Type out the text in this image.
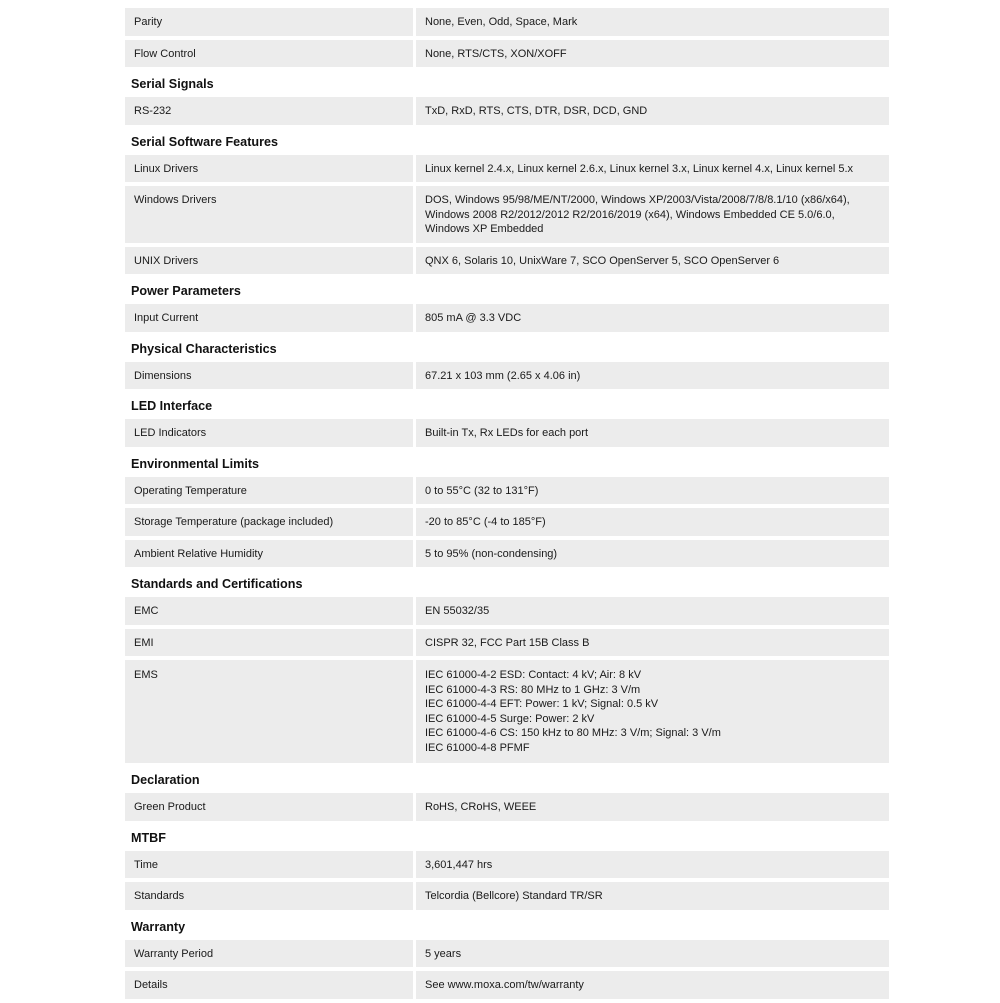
Parity	None, Even, Odd, Space, Mark
Flow Control	None, RTS/CTS, XON/XOFF
Serial Signals
RS-232	TxD, RxD, RTS, CTS, DTR, DSR, DCD, GND
Serial Software Features
Linux Drivers	Linux kernel 2.4.x, Linux kernel 2.6.x, Linux kernel 3.x, Linux kernel 4.x, Linux kernel 5.x
Windows Drivers	DOS, Windows 95/98/ME/NT/2000, Windows XP/2003/Vista/2008/7/8/8.1/10 (x86/x64),
Windows 2008 R2/2012/2012 R2/2016/2019 (x64), Windows Embedded CE 5.0/6.0,
Windows XP Embedded
UNIX Drivers	QNX 6, Solaris 10, UnixWare 7, SCO OpenServer 5, SCO OpenServer 6
Power Parameters
Input Current	805 mA @ 3.3 VDC
Physical Characteristics
Dimensions	67.21 x 103 mm (2.65 x 4.06 in)
LED Interface
LED Indicators	Built-in Tx, Rx LEDs for each port
Environmental Limits
Operating Temperature	0 to 55°C (32 to 131°F)
Storage Temperature (package included)	-20 to 85°C (-4 to 185°F)
Ambient Relative Humidity	5 to 95% (non-condensing)
Standards and Certifications
EMC	EN 55032/35
EMI	CISPR 32, FCC Part 15B Class B
EMS	IEC 61000-4-2 ESD: Contact: 4 kV; Air: 8 kV
IEC 61000-4-3 RS: 80 MHz to 1 GHz: 3 V/m
IEC 61000-4-4 EFT: Power: 1 kV; Signal: 0.5 kV
IEC 61000-4-5 Surge: Power: 2 kV
IEC 61000-4-6 CS: 150 kHz to 80 MHz: 3 V/m; Signal: 3 V/m
IEC 61000-4-8 PFMF
Declaration
Green Product	RoHS, CRoHS, WEEE
MTBF
Time	3,601,447 hrs
Standards	Telcordia (Bellcore) Standard TR/SR
Warranty
Warranty Period	5 years
Details	See www.moxa.com/tw/warranty
